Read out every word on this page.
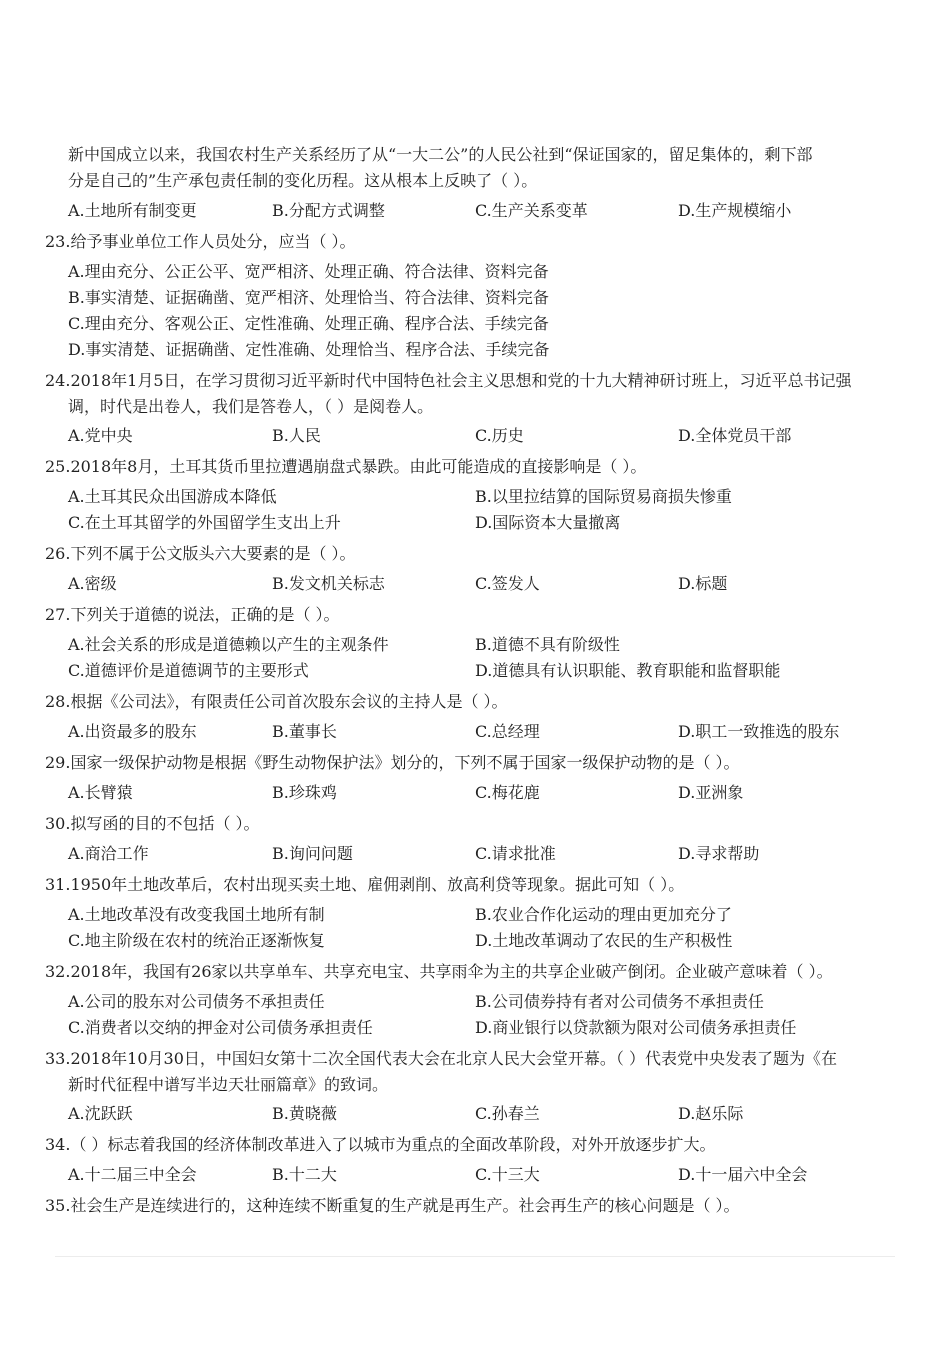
新中国成立以来，我国农村生产关系经历了从“一大二公”的人民公社到“保证国家的，留足集体的，剩下部
分是自己的”生产承包责任制的变化历程。这从根本上反映了（ ）。
A.土地所有制变更	B.分配方式调整	C.生产关系变革	D.生产规模缩小
23.给予事业单位工作人员处分，应当（ ）。
A.理由充分、公正公平、宽严相济、处理正确、符合法律、资料完备
B.事实清楚、证据确凿、宽严相济、处理恰当、符合法律、资料完备
C.理由充分、客观公正、定性准确、处理正确、程序合法、手续完备
D.事实清楚、证据确凿、定性准确、处理恰当、程序合法、手续完备
24.2018年1月5日，在学习贯彻习近平新时代中国特色社会主义思想和党的十九大精神研讨班上，习近平总书记强
调，时代是出卷人，我们是答卷人，（ ）是阅卷人。
A.党中央	B.人民	C.历史	D.全体党员干部
25.2018年8月，土耳其货币里拉遭遇崩盘式暴跌。由此可能造成的直接影响是（ ）。
A.土耳其民众出国游成本降低	B.以里拉结算的国际贸易商损失惨重
C.在土耳其留学的外国留学生支出上升	D.国际资本大量撤离
26.下列不属于公文版头六大要素的是（ ）。
A.密级	B.发文机关标志	C.签发人	D.标题
27.下列关于道德的说法，正确的是（ ）。
A.社会关系的形成是道德赖以产生的主观条件	B.道德不具有阶级性
C.道德评价是道德调节的主要形式	D.道德具有认识职能、教育职能和监督职能
28.根据《公司法》，有限责任公司首次股东会议的主持人是（ ）。
A.出资最多的股东	B.董事长	C.总经理	D.职工一致推选的股东
29.国家一级保护动物是根据《野生动物保护法》划分的，下列不属于国家一级保护动物的是（ ）。
A.长臂猿	B.珍珠鸡	C.梅花鹿	D.亚洲象
30.拟写函的目的不包括（ ）。
A.商洽工作	B.询问问题	C.请求批准	D.寻求帮助
31.1950年土地改革后，农村出现买卖土地、雇佣剥削、放高利贷等现象。据此可知（ ）。
A.土地改革没有改变我国土地所有制	B.农业合作化运动的理由更加充分了
C.地主阶级在农村的统治正逐渐恢复	D.土地改革调动了农民的生产积极性
32.2018年，我国有26家以共享单车、共享充电宝、共享雨伞为主的共享企业破产倒闭。企业破产意味着（ ）。
A.公司的股东对公司债务不承担责任	B.公司债券持有者对公司债务不承担责任
C.消费者以交纳的押金对公司债务承担责任	D.商业银行以贷款额为限对公司债务承担责任
33.2018年10月30日，中国妇女第十二次全国代表大会在北京人民大会堂开幕。（ ）代表党中央发表了题为《在
新时代征程中谱写半边天壮丽篇章》的致词。
A.沈跃跃	B.黄晓薇	C.孙春兰	D.赵乐际
34.（ ）标志着我国的经济体制改革进入了以城市为重点的全面改革阶段，对外开放逐步扩大。
A.十二届三中全会	B.十二大	C.十三大	D.十一届六中全会
35.社会生产是连续进行的，这种连续不断重复的生产就是再生产。社会再生产的核心问题是（ ）。
